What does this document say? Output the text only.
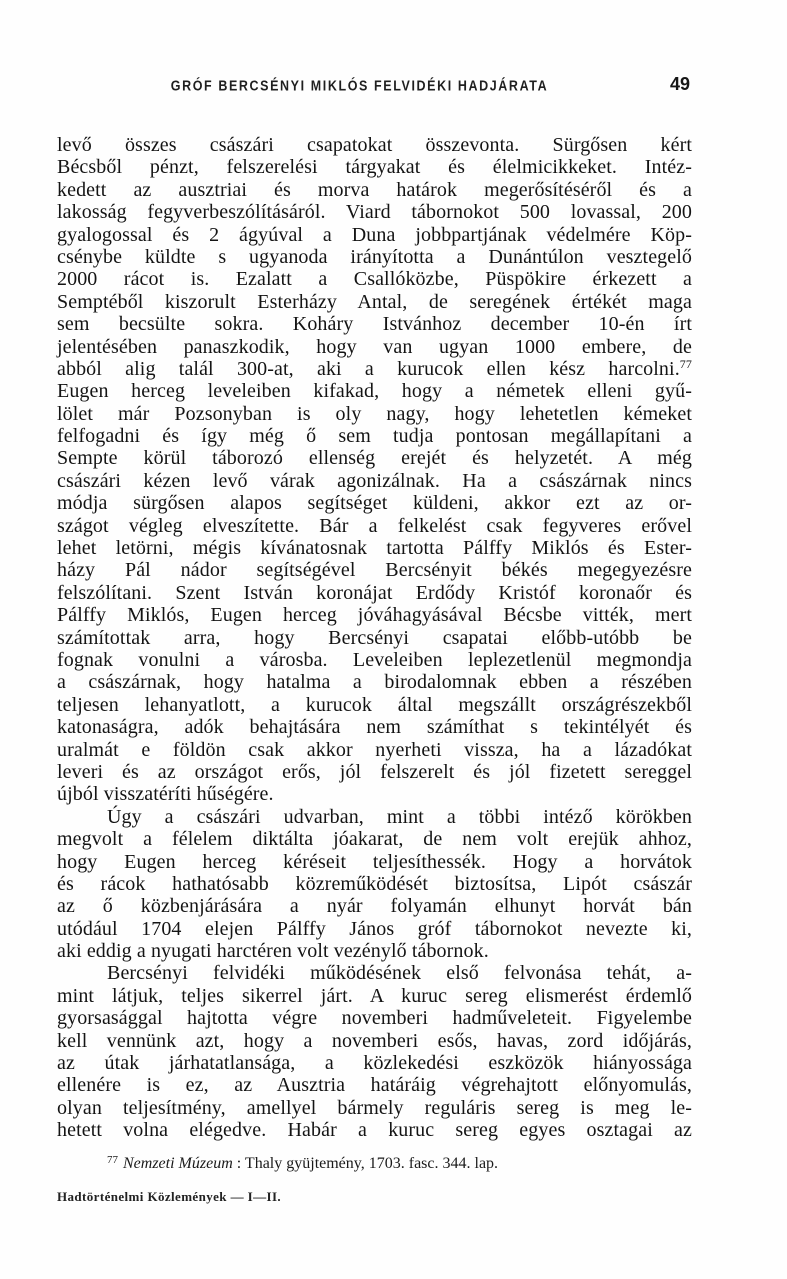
GRÓF BERCSÉNYI MIKLÓS FELVIDÉKI HADJÁRATA	49
levő összes császári csapatokat összevonta. Sürgősen kért
Bécsből pénzt, felszerelési tárgyakat és élelmicikkeket. Intéz-
kedett az ausztriai és morva határok megerősítéséről és a
lakosság fegyverbeszólításáról. Viard tábornokot 500 lovassal, 200
gyalogossal és 2 ágyúval a Duna jobbpartjának védelmére Köp-
csénybe küldte s ugyanoda irányította a Dunántúlon vesztegelő
2000 rácot is. Ezalatt a Csallóközbe, Püspökire érkezett a
Semptéből kiszorult Esterházy Antal, de seregének értékét maga
sem becsülte sokra. Koháry Istvánhoz december 10-én írt
jelentésében panaszkodik, hogy van ugyan 1000 embere, de
abból alig talál 300-at, aki a kurucok ellen kész harcolni.$^{77}$
Eugen herceg leveleiben kifakad, hogy a németek elleni gyű-
lölet már Pozsonyban is oly nagy, hogy lehetetlen kémeket
felfogadni és így még ő sem tudja pontosan megállapítani a
Sempte körül táborozó ellenség erejét és helyzetét. A még
császári kézen levő várak agonizálnak. Ha a császárnak nincs
módja sürgősen alapos segítséget küldeni, akkor ezt az or-
szágot végleg elveszítette. Bár a felkelést csak fegyveres erővel
lehet letörni, mégis kívánatosnak tartotta Pálffy Miklós és Ester-
házy Pál nádor segítségével Bercsényit békés megegyezésre
felszólítani. Szent István koronájat Erdődy Kristóf koronaőr és
Pálffy Miklós, Eugen herceg jóváhagyásával Bécsbe vitték, mert
számítottak arra, hogy Bercsényi csapatai előbb-utóbb be
fognak vonulni a városba. Leveleiben leplezetlenül megmondja
a császárnak, hogy hatalma a birodalomnak ebben a részében
teljesen lehanyatlott, a kurucok által megszállt országrészekből
katonaságra, adók behajtására nem számíthat s tekintélyét és
uralmát e földön csak akkor nyerheti vissza, ha a lázadókat
leveri és az országot erős, jól felszerelt és jól fizetett sereggel
újból visszatéríti hűségére.
Úgy a császári udvarban, mint a többi intéző körökben
megvolt a félelem diktálta jóakarat, de nem volt erejük ahhoz,
hogy Eugen herceg kéréseit teljesíthessék. Hogy a horvátok
és rácok hathatósabb közreműködését biztosítsa, Lipót császár
az ő közbenjárására a nyár folyamán elhunyt horvát bán
utódául 1704 elejen Pálffy János gróf tábornokot nevezte ki,
aki eddig a nyugati harctéren volt vezénylő tábornok.
Bercsényi felvidéki működésének első felvonása tehát, a-
mint látjuk, teljes sikerrel járt. A kuruc sereg elismerést érdemlő
gyorsasággal hajtotta végre novemberi hadműveleteit. Figyelembe
kell vennünk azt, hogy a novemberi esős, havas, zord időjárás,
az útak járhatatlansága, a közlekedési eszközök hiányossága
ellenére is ez, az Ausztria határáig végrehajtott előnyomulás,
olyan teljesítmény, amellyel bármely reguláris sereg is meg le-
hetett volna elégedve. Habár a kuruc sereg egyes osztagai az
$^{77}$ Nemzeti Múzeum : Thaly gyüjtemény, 1703. fasc. 344. lap.
Hadtörténelmi Közlemények — I—II.
